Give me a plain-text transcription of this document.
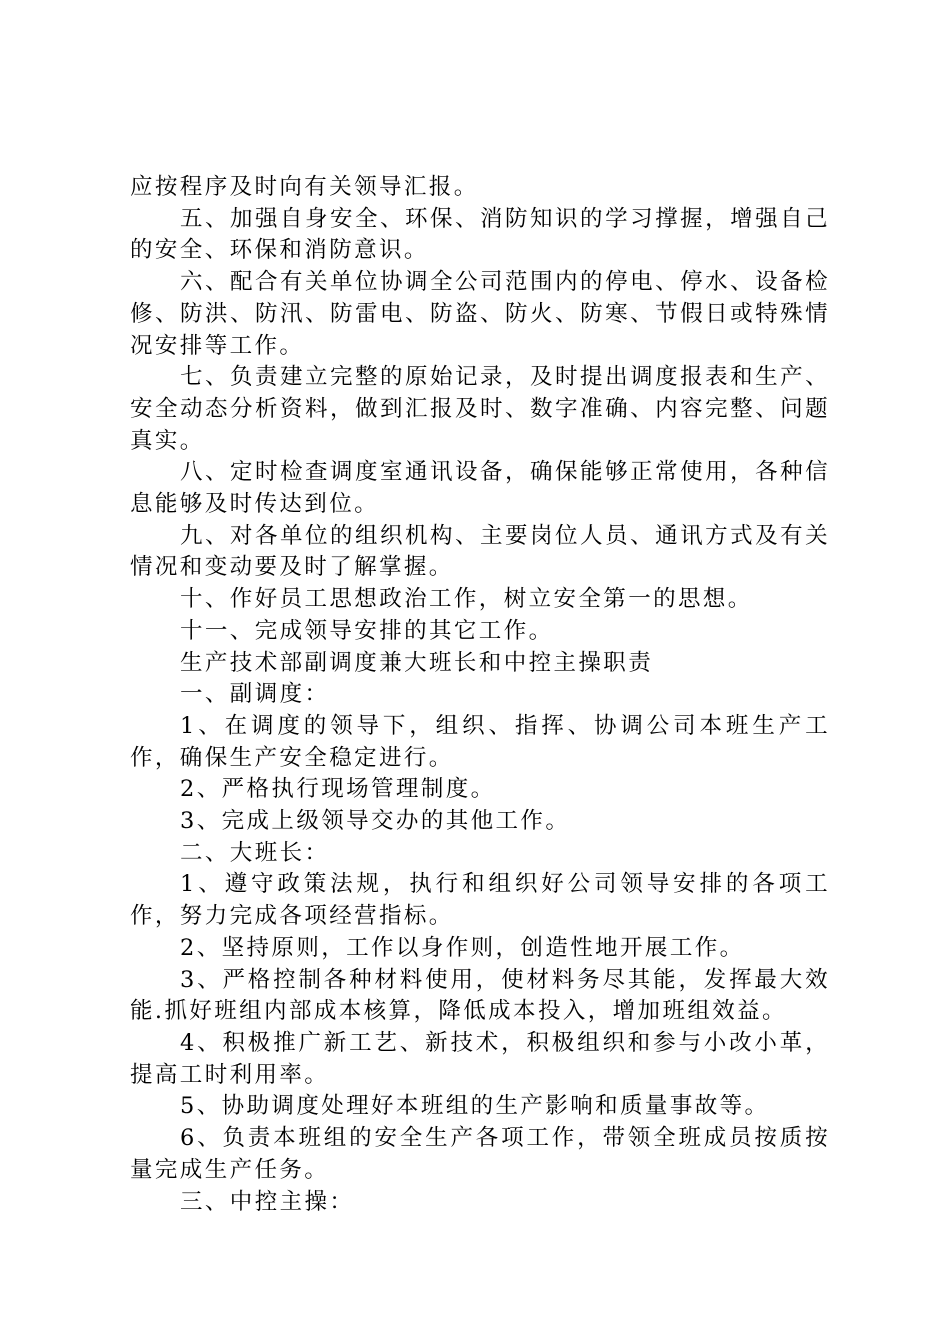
应按程序及时向有关领导汇报。

五、加强自身安全、环保、消防知识的学习撑握，增强自己的安全、环保和消防意识。

六、配合有关单位协调全公司范围内的停电、停水、设备检修、防洪、防汛、防雷电、防盗、防火、防寒、节假日或特殊情况安排等工作。

七、负责建立完整的原始记录，及时提出调度报表和生产、安全动态分析资料，做到汇报及时、数字准确、内容完整、问题真实。

八、定时检查调度室通讯设备，确保能够正常使用，各种信息能够及时传达到位。

九、对各单位的组织机构、主要岗位人员、通讯方式及有关情况和变动要及时了解掌握。

十、作好员工思想政治工作，树立安全第一的思想。

十一、完成领导安排的其它工作。

生产技术部副调度兼大班长和中控主操职责

一、副调度：

1、在调度的领导下，组织、指挥、协调公司本班生产工作，确保生产安全稳定进行。

2、严格执行现场管理制度。

3、完成上级领导交办的其他工作。

二、大班长：

1、遵守政策法规，执行和组织好公司领导安排的各项工作，努力完成各项经营指标。

2、坚持原则，工作以身作则，创造性地开展工作。

3、严格控制各种材料使用，使材料务尽其能，发挥最大效能.抓好班组内部成本核算，降低成本投入，增加班组效益。

4、积极推广新工艺、新技术，积极组织和参与小改小革，提高工时利用率。

5、协助调度处理好本班组的生产影响和质量事故等。

6、负责本班组的安全生产各项工作，带领全班成员按质按量完成生产任务。

三、中控主操：
